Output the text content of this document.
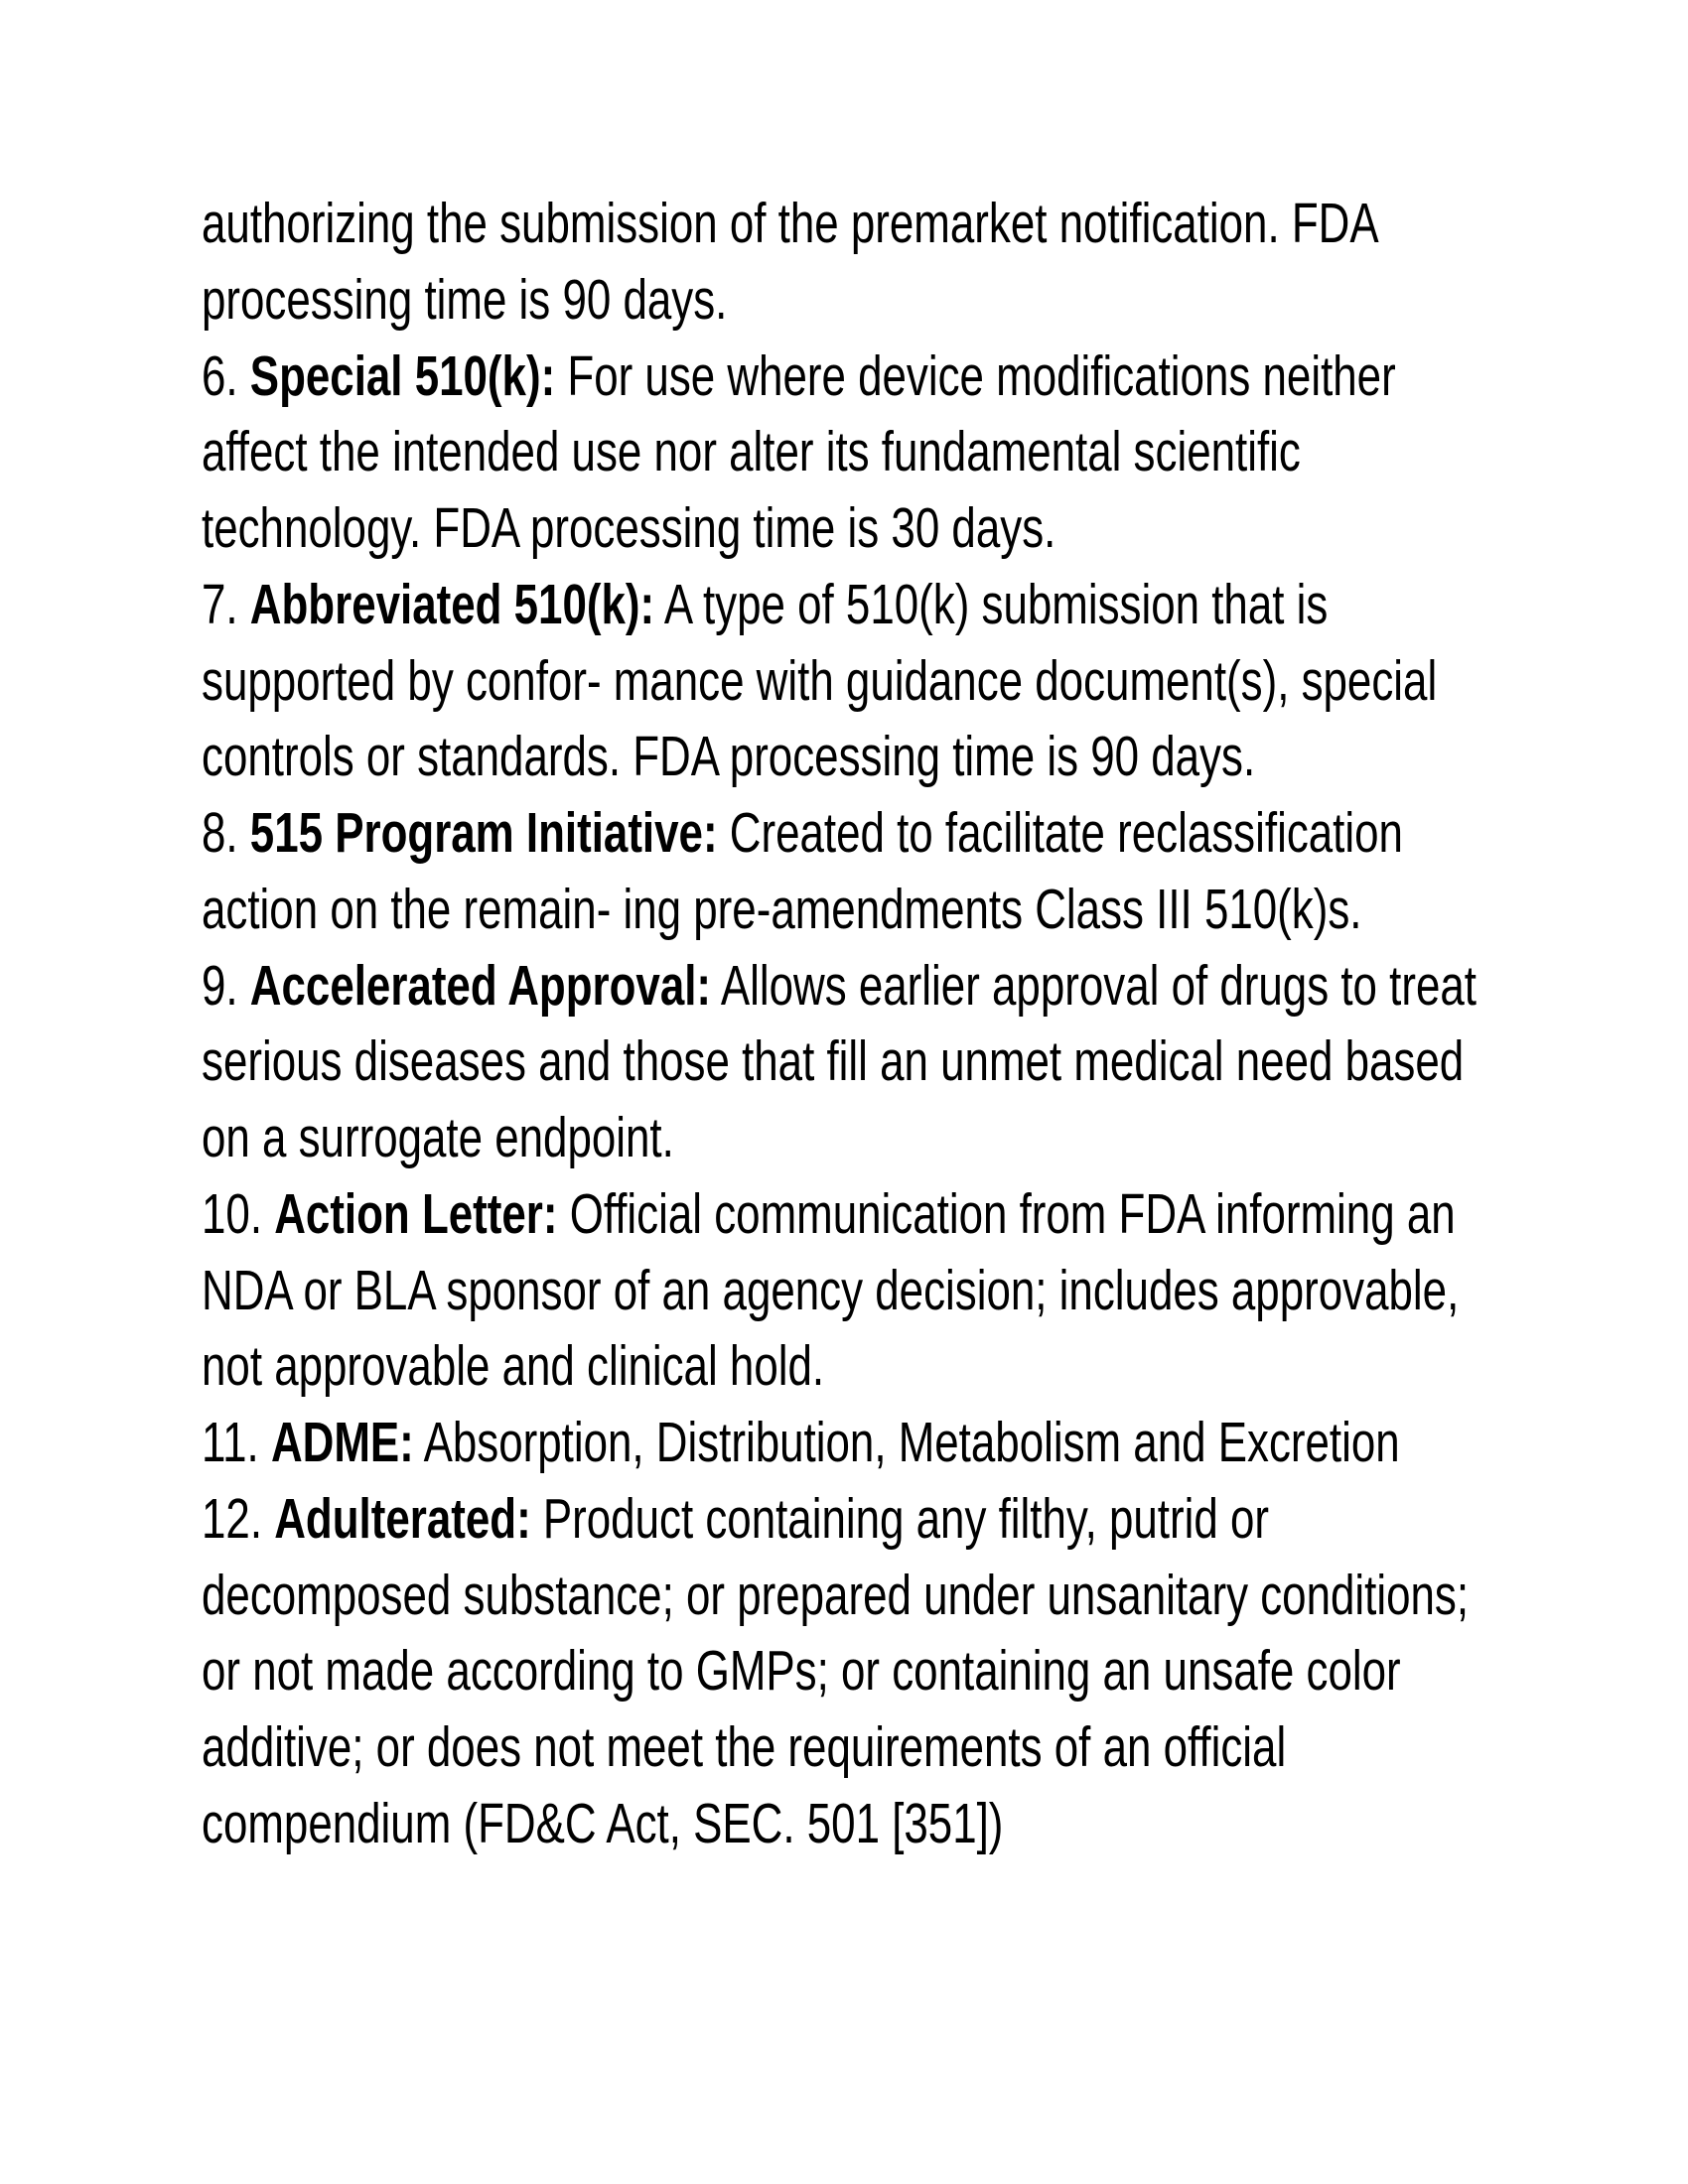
authorizing the submission of the premarket notification. FDA
processing time is 90 days.
6. Special 510(k): For use where device modifications neither
affect the intended use nor alter its fundamental scientific
technology. FDA processing time is 30 days.
7. Abbreviated 510(k): A type of 510(k) submission that is
supported by confor- mance with guidance document(s), special
controls or standards. FDA processing time is 90 days.
8. 515 Program Initiative: Created to facilitate reclassification
action on the remain- ing pre-amendments Class III 510(k)s.
9. Accelerated Approval: Allows earlier approval of drugs to treat
serious diseases and those that fill an unmet medical need based
on a surrogate endpoint.
10. Action Letter: Official communication from FDA informing an
NDA or BLA sponsor of an agency decision; includes approvable,
not approvable and clinical hold.
11. ADME: Absorption, Distribution, Metabolism and Excretion
12. Adulterated: Product containing any filthy, putrid or
decomposed substance; or prepared under unsanitary conditions;
or not made according to GMPs; or containing an unsafe color
additive; or does not meet the requirements of an official
compendium (FD&C Act, SEC. 501 [351])
